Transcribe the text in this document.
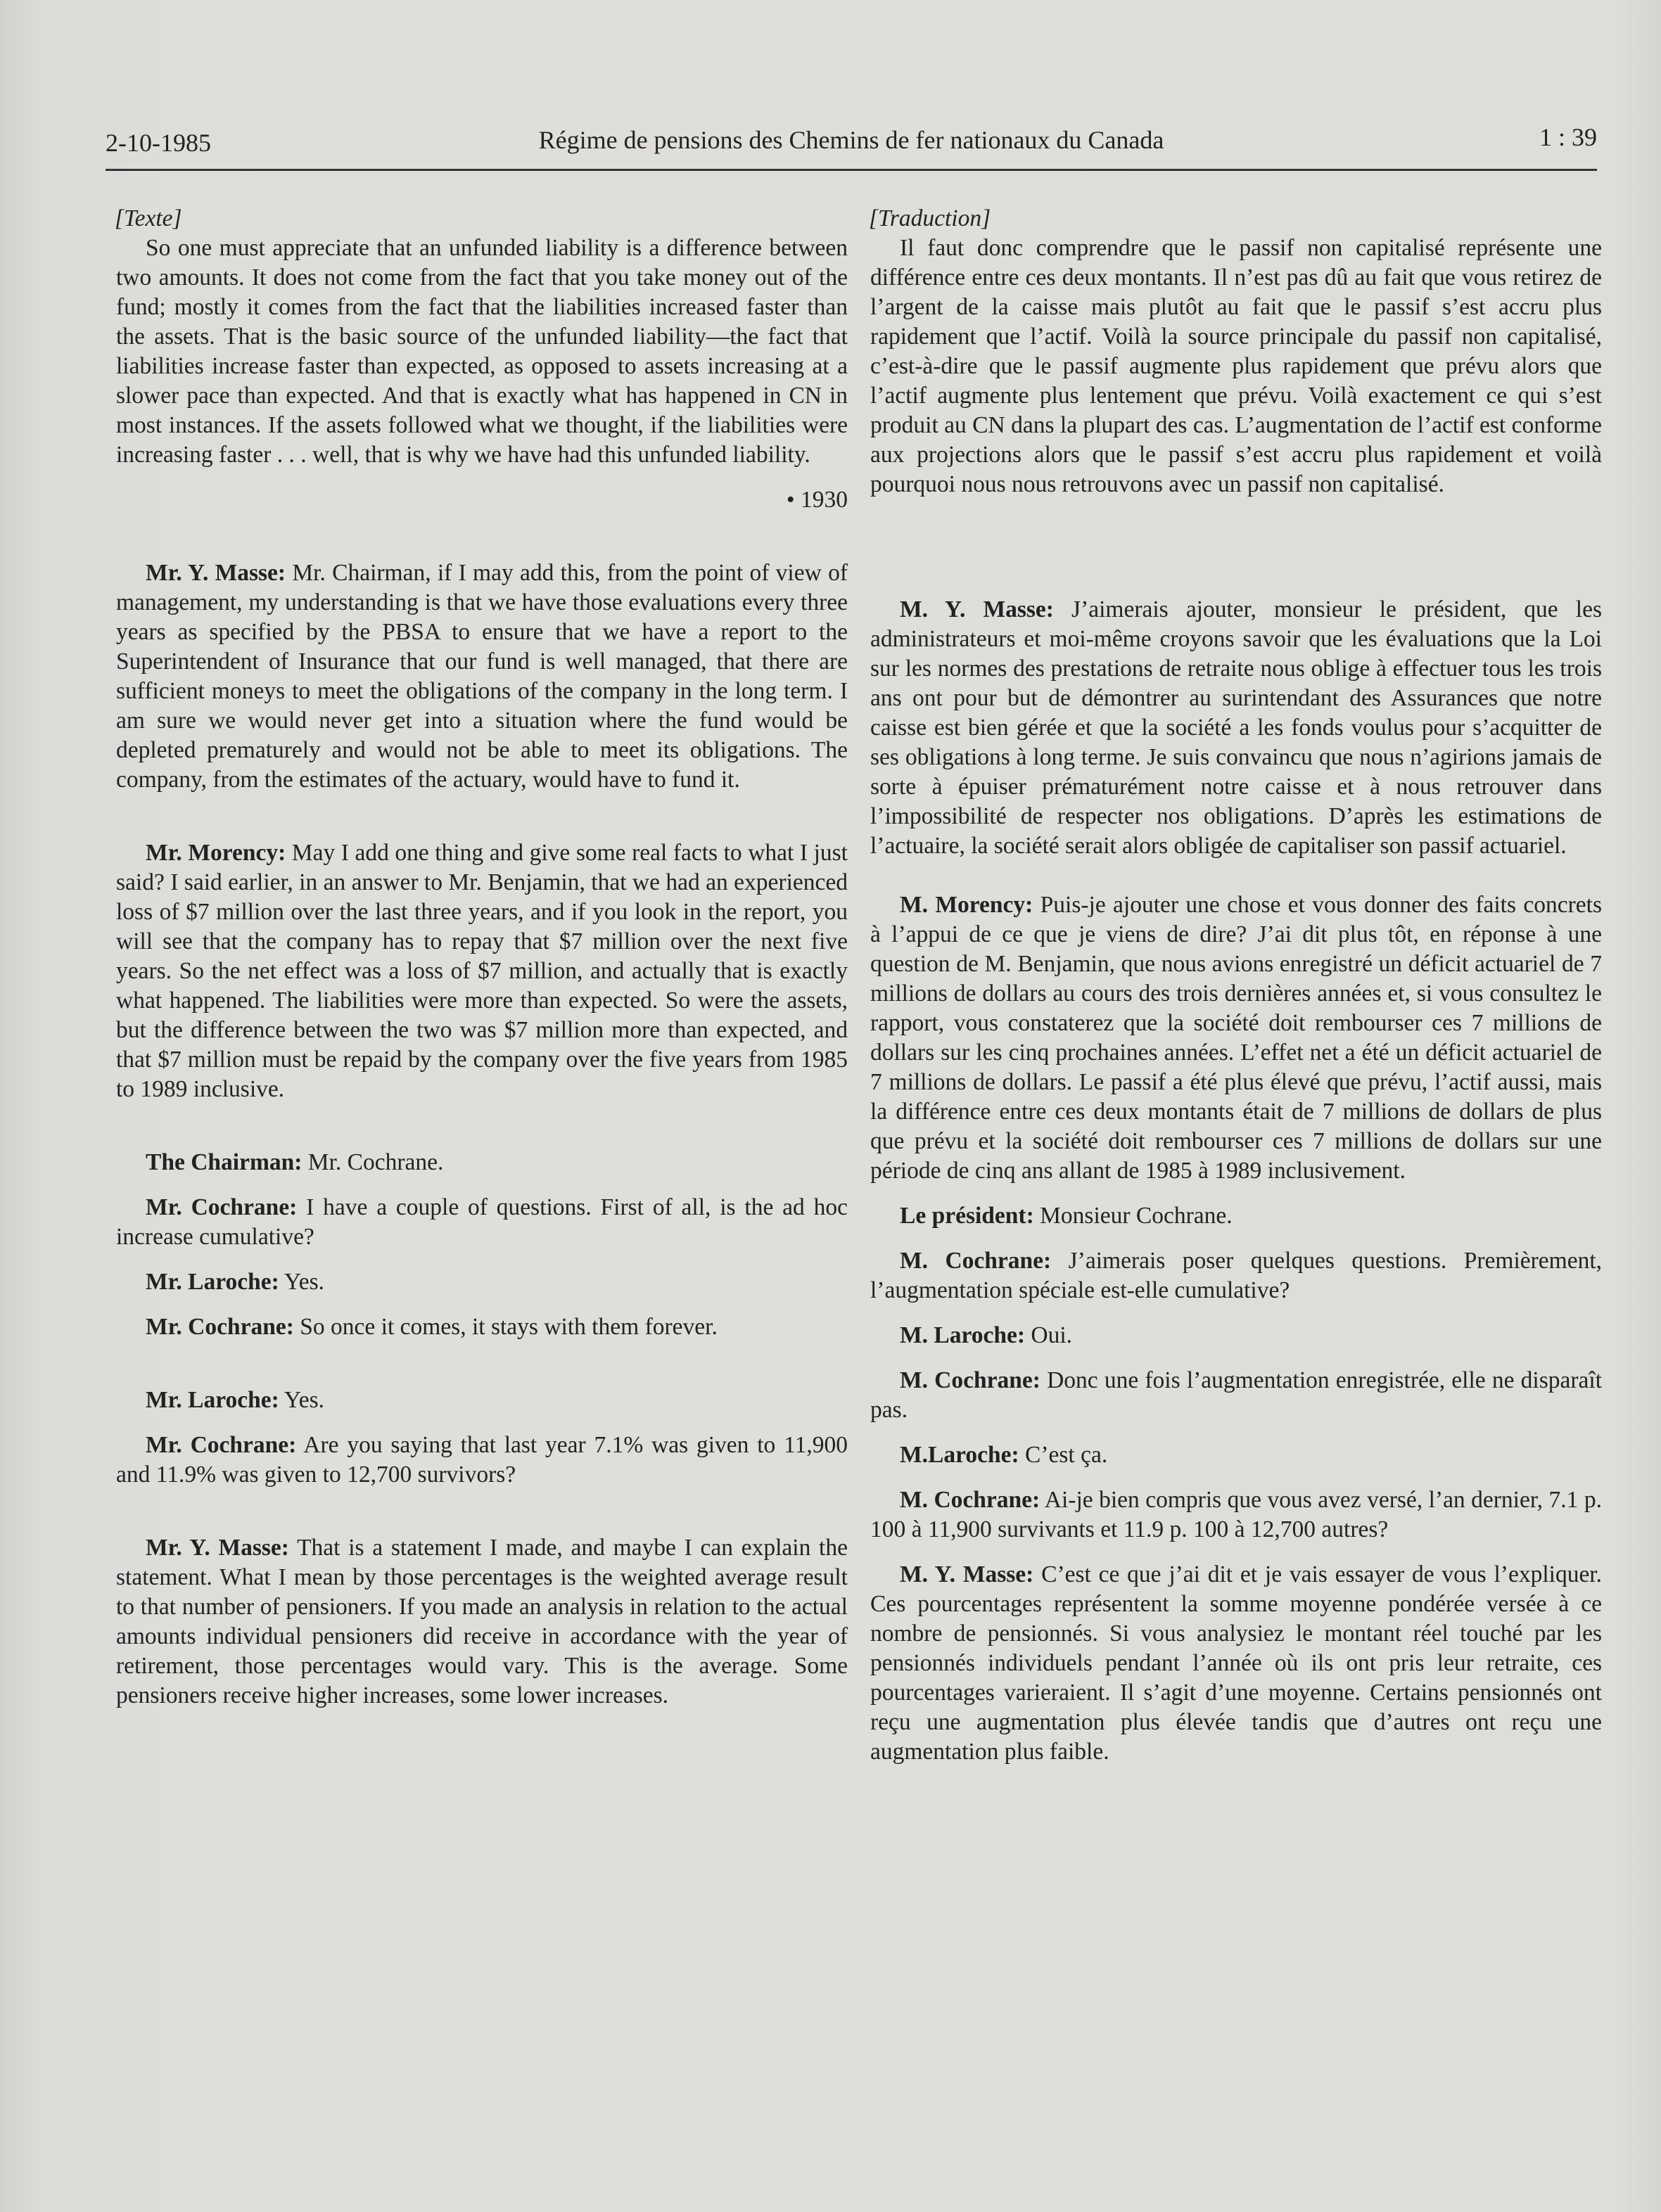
2-10-1985	Régime de pensions des Chemins de fer nationaux du Canada	1 : 39
[Texte]

So one must appreciate that an unfunded liability is a difference between two amounts. It does not come from the fact that you take money out of the fund; mostly it comes from the fact that the liabilities increased faster than the assets. That is the basic source of the unfunded liability—the fact that liabilities increase faster than expected, as opposed to assets increasing at a slower pace than expected. And that is exactly what has happened in CN in most instances. If the assets followed what we thought, if the liabilities were increasing faster . . . well, that is why we have had this unfunded liability.

• 1930

Mr. Y. Masse: Mr. Chairman, if I may add this, from the point of view of management, my understanding is that we have those evaluations every three years as specified by the PBSA to ensure that we have a report to the Superintendent of Insurance that our fund is well managed, that there are sufficient moneys to meet the obligations of the company in the long term. I am sure we would never get into a situation where the fund would be depleted prematurely and would not be able to meet its obligations. The company, from the estimates of the actuary, would have to fund it.

Mr. Morency: May I add one thing and give some real facts to what I just said? I said earlier, in an answer to Mr. Benjamin, that we had an experienced loss of $7 million over the last three years, and if you look in the report, you will see that the company has to repay that $7 million over the next five years. So the net effect was a loss of $7 million, and actually that is exactly what happened. The liabilities were more than expected. So were the assets, but the difference between the two was $7 million more than expected, and that $7 million must be repaid by the company over the five years from 1985 to 1989 inclusive.

The Chairman: Mr. Cochrane.

Mr. Cochrane: I have a couple of questions. First of all, is the ad hoc increase cumulative?

Mr. Laroche: Yes.

Mr. Cochrane: So once it comes, it stays with them forever.

Mr. Laroche: Yes.

Mr. Cochrane: Are you saying that last year 7.1% was given to 11,900 and 11.9% was given to 12,700 survivors?

Mr. Y. Masse: That is a statement I made, and maybe I can explain the statement. What I mean by those percentages is the weighted average result to that number of pensioners. If you made an analysis in relation to the actual amounts individual pensioners did receive in accordance with the year of retirement, those percentages would vary. This is the average. Some pensioners receive higher increases, some lower increases.

[Traduction]

Il faut donc comprendre que le passif non capitalisé représente une différence entre ces deux montants. Il n’est pas dû au fait que vous retirez de l’argent de la caisse mais plutôt au fait que le passif s’est accru plus rapidement que l’actif. Voilà la source principale du passif non capitalisé, c’est-à-dire que le passif augmente plus rapidement que prévu alors que l’actif augmente plus lentement que prévu. Voilà exactement ce qui s’est produit au CN dans la plupart des cas. L’augmentation de l’actif est conforme aux projections alors que le passif s’est accru plus rapidement et voilà pourquoi nous nous retrouvons avec un passif non capitalisé.

M. Y. Masse: J’aimerais ajouter, monsieur le président, que les administrateurs et moi-même croyons savoir que les évaluations que la Loi sur les normes des prestations de retraite nous oblige à effectuer tous les trois ans ont pour but de démontrer au surintendant des Assurances que notre caisse est bien gérée et que la société a les fonds voulus pour s’acquitter de ses obligations à long terme. Je suis convaincu que nous n’agirions jamais de sorte à épuiser prématurément notre caisse et à nous retrouver dans l’impossibilité de respecter nos obligations. D’après les estimations de l’actuaire, la société serait alors obligée de capitaliser son passif actuariel.

M. Morency: Puis-je ajouter une chose et vous donner des faits concrets à l’appui de ce que je viens de dire? J’ai dit plus tôt, en réponse à une question de M. Benjamin, que nous avions enregistré un déficit actuariel de 7 millions de dollars au cours des trois dernières années et, si vous consultez le rapport, vous constaterez que la société doit rembourser ces 7 millions de dollars sur les cinq prochaines années. L’effet net a été un déficit actuariel de 7 millions de dollars. Le passif a été plus élevé que prévu, l’actif aussi, mais la différence entre ces deux montants était de 7 millions de dollars de plus que prévu et la société doit rembourser ces 7 millions de dollars sur une période de cinq ans allant de 1985 à 1989 inclusivement.

Le président: Monsieur Cochrane.

M. Cochrane: J’aimerais poser quelques questions. Premièrement, l’augmentation spéciale est-elle cumulative?

M. Laroche: Oui.

M. Cochrane: Donc une fois l’augmentation enregistrée, elle ne disparaît pas.

M.Laroche: C’est ça.

M. Cochrane: Ai-je bien compris que vous avez versé, l’an dernier, 7.1 p. 100 à 11,900 survivants et 11.9 p. 100 à 12,700 autres?

M. Y. Masse: C’est ce que j’ai dit et je vais essayer de vous l’expliquer. Ces pourcentages représentent la somme moyenne pondérée versée à ce nombre de pensionnés. Si vous analysiez le montant réel touché par les pensionnés individuels pendant l’année où ils ont pris leur retraite, ces pourcentages varieraient. Il s’agit d’une moyenne. Certains pensionnés ont reçu une augmentation plus élevée tandis que d’autres ont reçu une augmentation plus faible.
